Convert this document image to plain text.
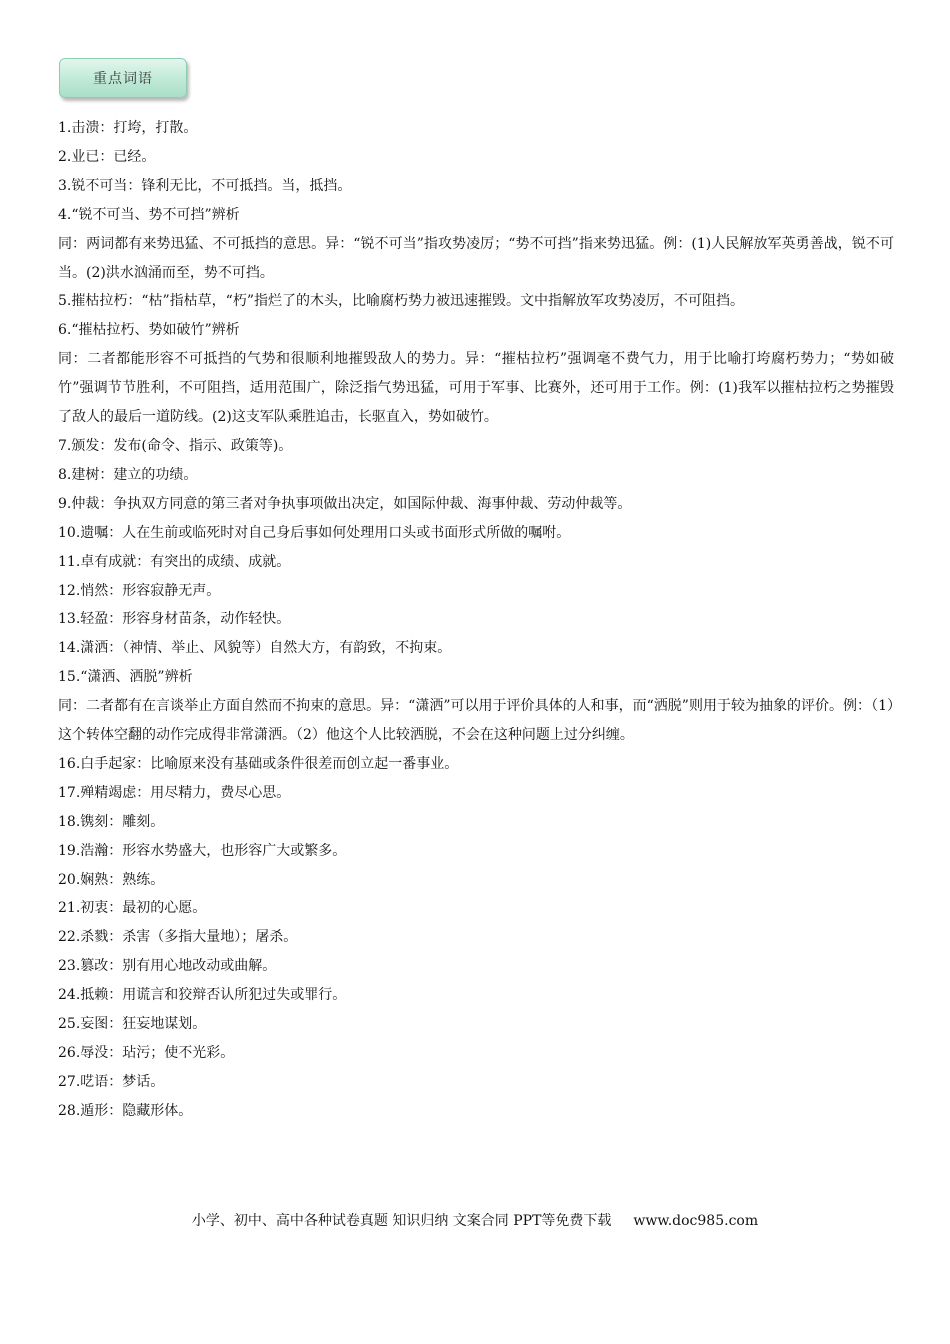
重点词语

1.击溃：打垮，打散。

2.业已：已经。

3.锐不可当：锋利无比，不可抵挡。当，抵挡。

4.“锐不可当、势不可挡”辨析

同：两词都有来势迅猛、不可抵挡的意思。异：“锐不可当”指攻势凌厉；“势不可挡”指来势迅猛。例：(1)人民解放军英勇善战，锐不可当。(2)洪水汹涌而至，势不可挡。

5.摧枯拉朽：“枯”指枯草，“朽”指烂了的木头，比喻腐朽势力被迅速摧毁。文中指解放军攻势凌厉，不可阻挡。

6.“摧枯拉朽、势如破竹”辨析

同：二者都能形容不可抵挡的气势和很顺利地摧毁敌人的势力。异：“摧枯拉朽”强调毫不费气力，用于比喻打垮腐朽势力；“势如破竹”强调节节胜利，不可阻挡，适用范围广，除泛指气势迅猛，可用于军事、比赛外，还可用于工作。例：(1)我军以摧枯拉朽之势摧毁了敌人的最后一道防线。(2)这支军队乘胜追击，长驱直入，势如破竹。

7.颁发：发布(命令、指示、政策等)。

8.建树：建立的功绩。

9.仲裁：争执双方同意的第三者对争执事项做出决定，如国际仲裁、海事仲裁、劳动仲裁等。

10.遗嘱：人在生前或临死时对自己身后事如何处理用口头或书面形式所做的嘱咐。

11.卓有成就：有突出的成绩、成就。

12.悄然：形容寂静无声。

13.轻盈：形容身材苗条，动作轻快。

14.潇洒：（神情、举止、风貌等）自然大方，有韵致，不拘束。

15.“潇洒、洒脱”辨析

同：二者都有在言谈举止方面自然而不拘束的意思。异：“潇洒”可以用于评价具体的人和事，而“洒脱”则用于较为抽象的评价。例：（1）这个转体空翻的动作完成得非常潇洒。（2）他这个人比较洒脱，不会在这种问题上过分纠缠。

16.白手起家：比喻原来没有基础或条件很差而创立起一番事业。

17.殚精竭虑：用尽精力，费尽心思。

18.镌刻：雕刻。

19.浩瀚：形容水势盛大，也形容广大或繁多。

20.娴熟：熟练。

21.初衷：最初的心愿。

22.杀戮：杀害（多指大量地）；屠杀。

23.篡改：别有用心地改动或曲解。

24.抵赖：用谎言和狡辩否认所犯过失或罪行。

25.妄图：狂妄地谋划。

26.辱没：玷污；使不光彩。

27.呓语：梦话。

28.遁形：隐藏形体。

小学、初中、高中各种试卷真题 知识归纳 文案合同 PPT等免费下载 www.doc985.com
